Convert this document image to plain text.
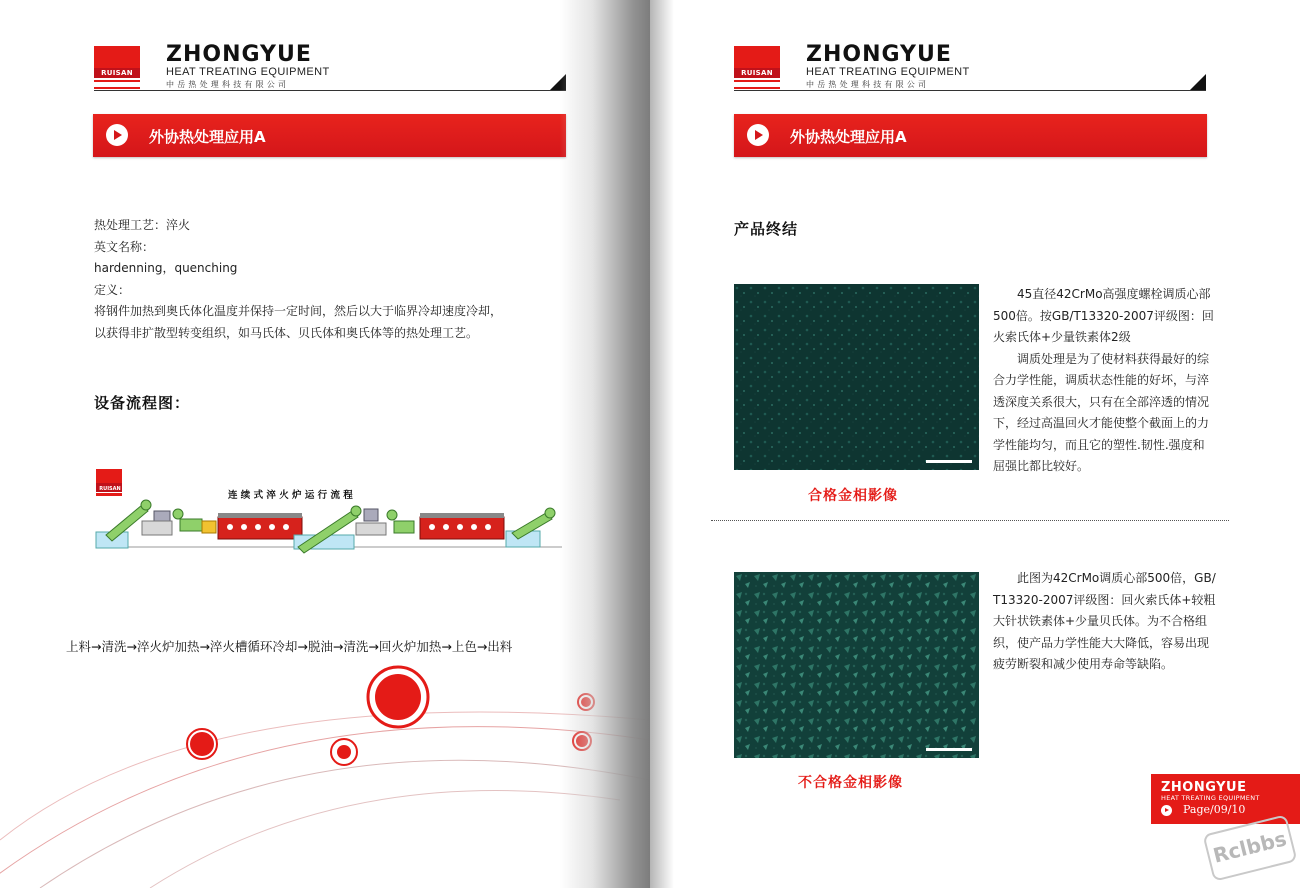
RUISAN
ZHONGYUE
HEAT TREATING EQUIPMENT
中岳热处理科技有限公司
外协热处理应用A
热处理工艺：淬火
英文名称：
hardenning，quenching
定义：
将钢件加热到奥氏体化温度并保持一定时间，然后以大于临界冷却速度冷却，
以获得非扩散型转变组织，如马氏体、贝氏体和奥氏体等的热处理工艺。
设备流程图：
RUISAN
连 续 式 淬 火 炉 运 行 流 程
上料→清洗→淬火炉加热→淬火槽循环冷却→脱油→清洗→回火炉加热→上色→出料
RUISAN
ZHONGYUE
HEAT TREATING EQUIPMENT
中岳热处理科技有限公司
外协热处理应用A
产品终结
合格金相影像
　　45直径42CrMo高强度螺栓调质心部
500倍。按GB/T13320-2007评级图：回
火索氏体+少量铁素体2级
　　调质处理是为了使材料获得最好的综
合力学性能，调质状态性能的好坏，与淬
透深度关系很大，只有在全部淬透的情况
下，经过高温回火才能使整个截面上的力
学性能均匀，而且它的塑性.韧性.强度和
屈强比都比较好。
不合格金相影像
　　此图为42CrMo调质心部500倍，GB/
T13320-2007评级图：回火索氏体+较粗
大针状铁素体+少量贝氏体。为不合格组
织，使产品力学性能大大降低，容易出现
疲劳断裂和减少使用寿命等缺陷。
ZHONGYUE
HEAT TREATING EQUIPMENT
Page/09/10
Rclbbs
